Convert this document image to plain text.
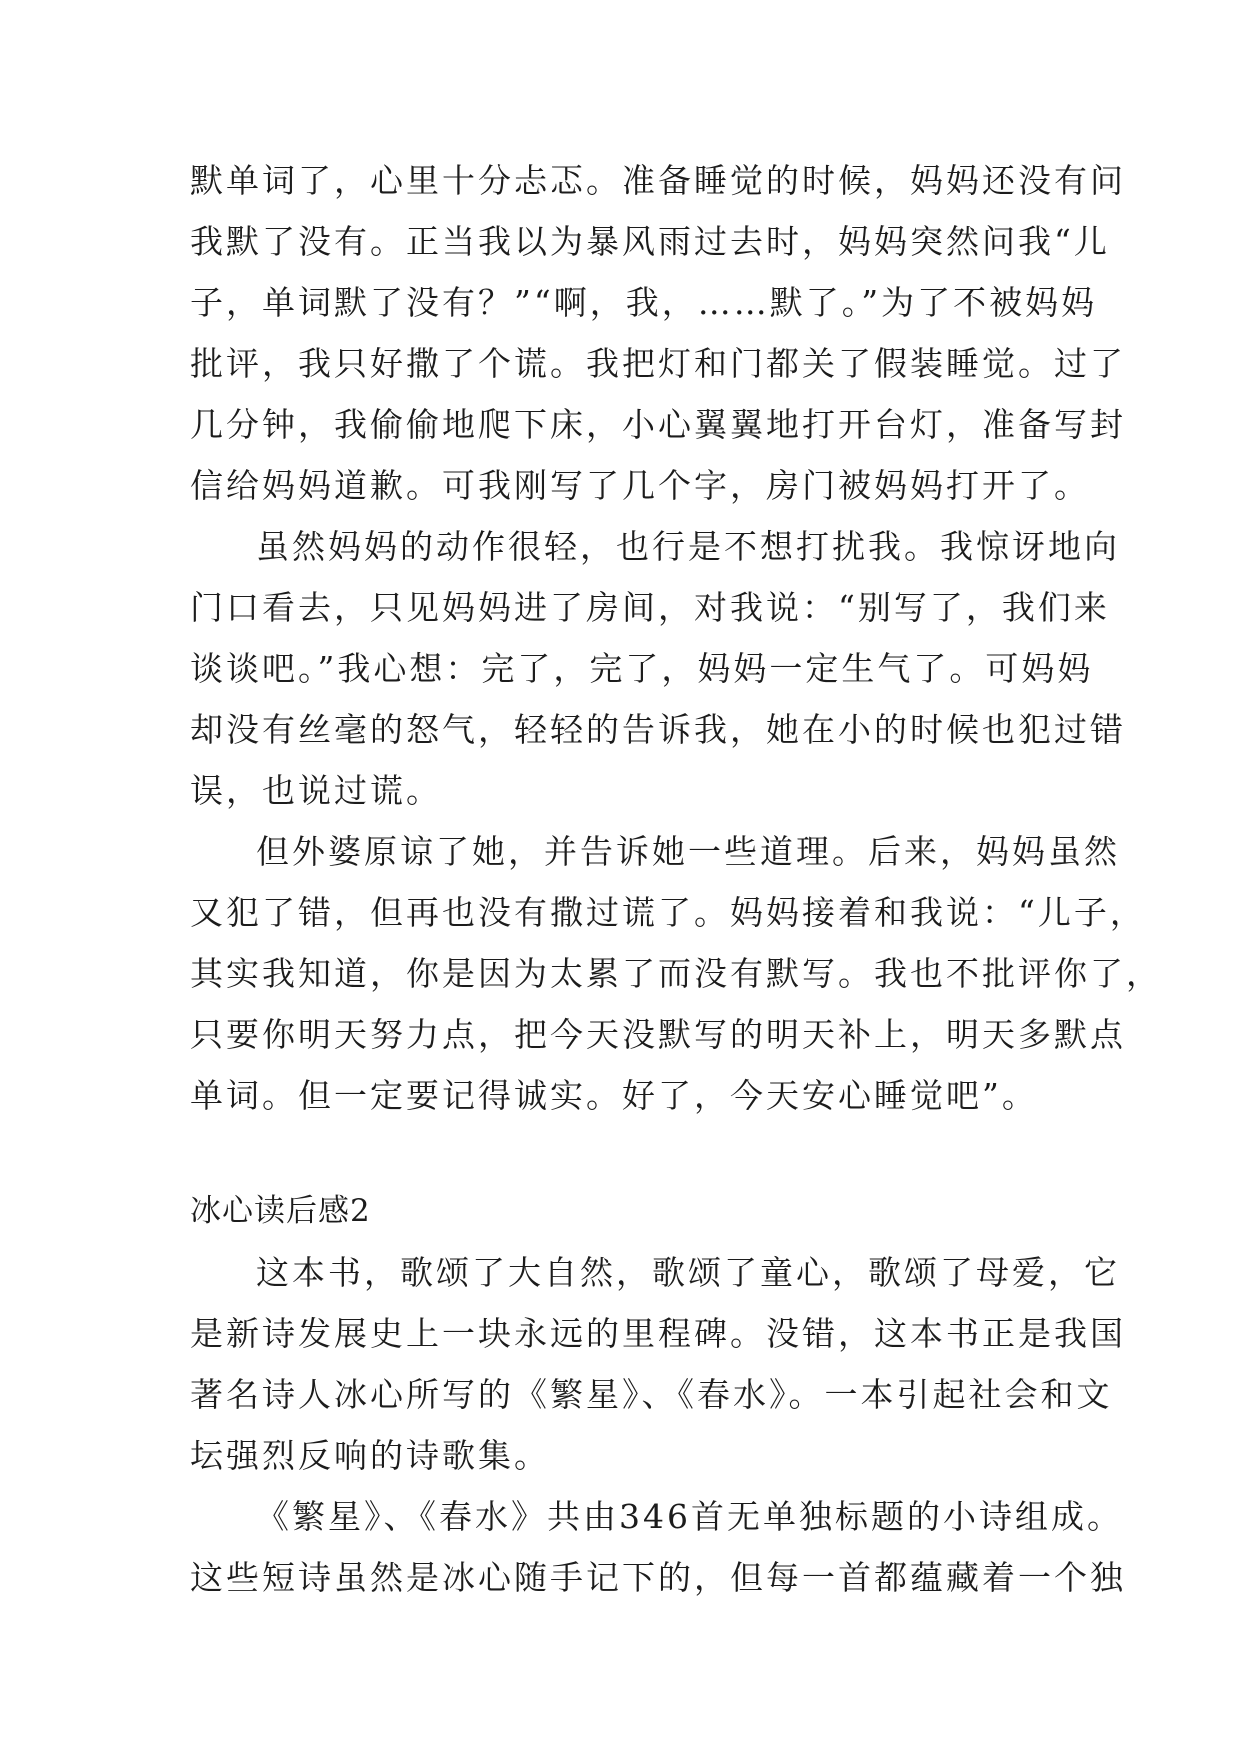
默单词了，心里十分忐忑。准备睡觉的时候，妈妈还没有问
我默了没有。正当我以为暴风雨过去时，妈妈突然问我“儿
子，单词默了没有？”“啊，我，……默了。”为了不被妈妈
批评，我只好撒了个谎。我把灯和门都关了假装睡觉。过了
几分钟，我偷偷地爬下床，小心翼翼地打开台灯，准备写封
信给妈妈道歉。可我刚写了几个字，房门被妈妈打开了。
虽然妈妈的动作很轻，也行是不想打扰我。我惊讶地向
门口看去，只见妈妈进了房间，对我说：“别写了，我们来
谈谈吧。”我心想：完了，完了，妈妈一定生气了。可妈妈
却没有丝毫的怒气，轻轻的告诉我，她在小的时候也犯过错
误，也说过谎。
但外婆原谅了她，并告诉她一些道理。后来，妈妈虽然
又犯了错，但再也没有撒过谎了。妈妈接着和我说：“儿子，
其实我知道，你是因为太累了而没有默写。我也不批评你了，
只要你明天努力点，把今天没默写的明天补上，明天多默点
单词。但一定要记得诚实。好了，今天安心睡觉吧”。
冰心读后感2
这本书，歌颂了大自然，歌颂了童心，歌颂了母爱，它
是新诗发展史上一块永远的里程碑。没错，这本书正是我国
著名诗人冰心所写的《繁星》、《春水》。一本引起社会和文
坛强烈反响的诗歌集。
《繁星》、《春水》共由346首无单独标题的小诗组成。
这些短诗虽然是冰心随手记下的，但每一首都蕴藏着一个独
